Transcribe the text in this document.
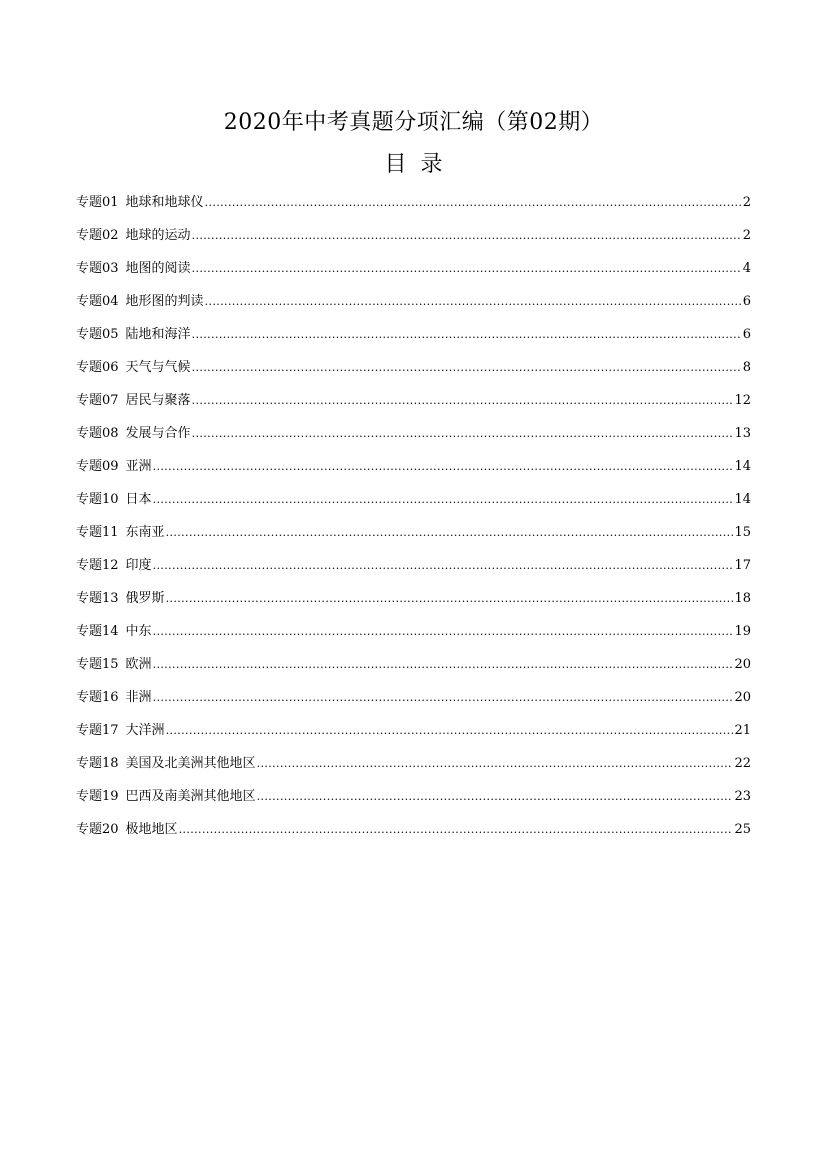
2020年中考真题分项汇编（第02期）
目录
专题01 地球和地球仪 .....	2
专题02 地球的运动 .....	2
专题03 地图的阅读 .....	4
专题04 地形图的判读 .....	6
专题05 陆地和海洋 .....	6
专题06 天气与气候 .....	8
专题07 居民与聚落 .....	12
专题08 发展与合作 .....	13
专题09 亚洲 .....	14
专题10 日本 .....	14
专题11 东南亚 .....	15
专题12 印度 .....	17
专题13 俄罗斯 .....	18
专题14 中东 .....	19
专题15 欧洲 .....	20
专题16 非洲 .....	20
专题17 大洋洲 .....	21
专题18 美国及北美洲其他地区 .....	22
专题19 巴西及南美洲其他地区 .....	23
专题20 极地地区 .....	25
